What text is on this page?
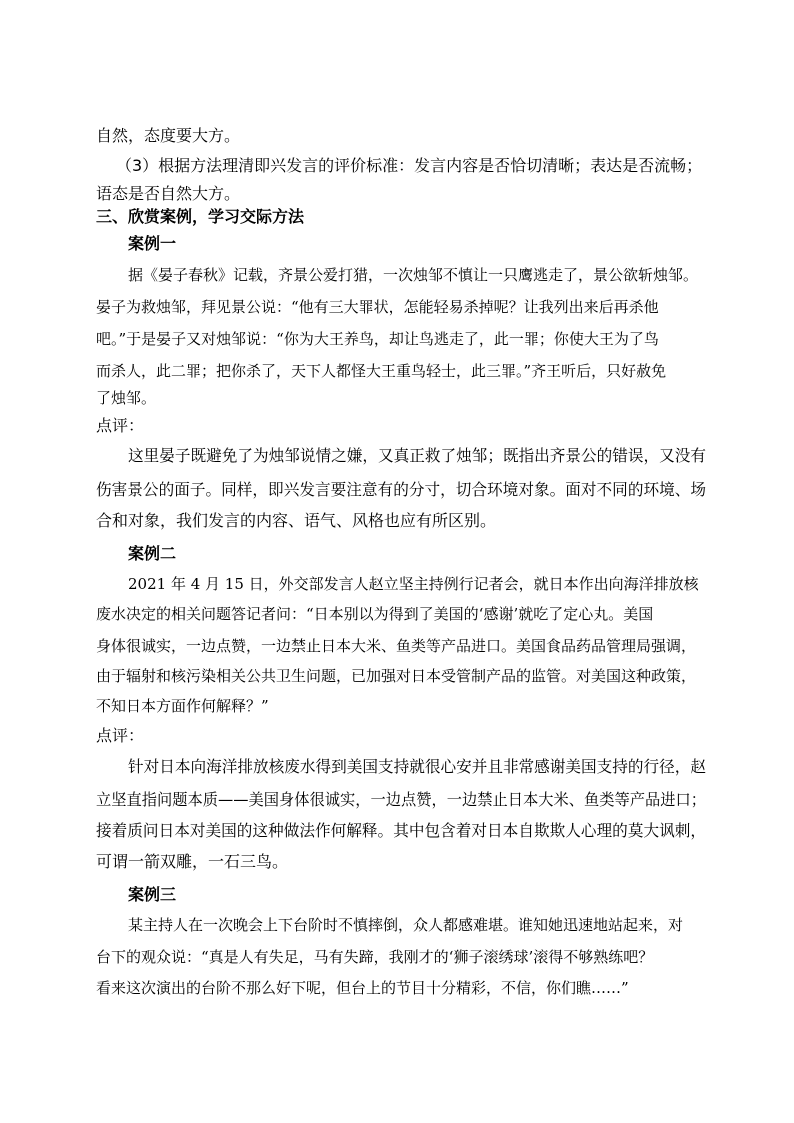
自然，态度要大方。

（3）根据方法理清即兴发言的评价标准：发言内容是否恰切清晰；表达是否流畅；

语态是否自然大方。

三、欣赏案例，学习交际方法

案例一

据《晏子春秋》记载，齐景公爱打猎，一次烛邹不慎让一只鹰逃走了，景公欲斩烛邹。

晏子为救烛邹，拜见景公说：“他有三大罪状，怎能轻易杀掉呢？让我列出来后再杀他

吧。”于是晏子又对烛邹说：“你为大王养鸟，却让鸟逃走了，此一罪；你使大王为了鸟

而杀人，此二罪；把你杀了，天下人都怪大王重鸟轻士，此三罪。”齐王听后，只好赦免

了烛邹。

点评：

这里晏子既避免了为烛邹说情之嫌，又真正救了烛邹；既指出齐景公的错误，又没有

伤害景公的面子。同样，即兴发言要注意有的分寸，切合环境对象。面对不同的环境、场

合和对象，我们发言的内容、语气、风格也应有所区别。

案例二

2021 年 4 月 15 日，外交部发言人赵立坚主持例行记者会，就日本作出向海洋排放核

废水决定的相关问题答记者问：“日本别以为得到了美国的‘感谢’就吃了定心丸。美国

身体很诚实，一边点赞，一边禁止日本大米、鱼类等产品进口。美国食品药品管理局强调，

由于辐射和核污染相关公共卫生问题，已加强对日本受管制产品的监管。对美国这种政策，

不知日本方面作何解释？”

点评：

针对日本向海洋排放核废水得到美国支持就很心安并且非常感谢美国支持的行径，赵

立坚直指问题本质——美国身体很诚实，一边点赞，一边禁止日本大米、鱼类等产品进口；

接着质问日本对美国的这种做法作何解释。其中包含着对日本自欺欺人心理的莫大讽刺，

可谓一箭双雕，一石三鸟。

案例三

某主持人在一次晚会上下台阶时不慎摔倒，众人都感难堪。谁知她迅速地站起来，对

台下的观众说：“真是人有失足，马有失蹄，我刚才的‘狮子滚绣球’滚得不够熟练吧？

看来这次演出的台阶不那么好下呢，但台上的节目十分精彩，不信，你们瞧……”
